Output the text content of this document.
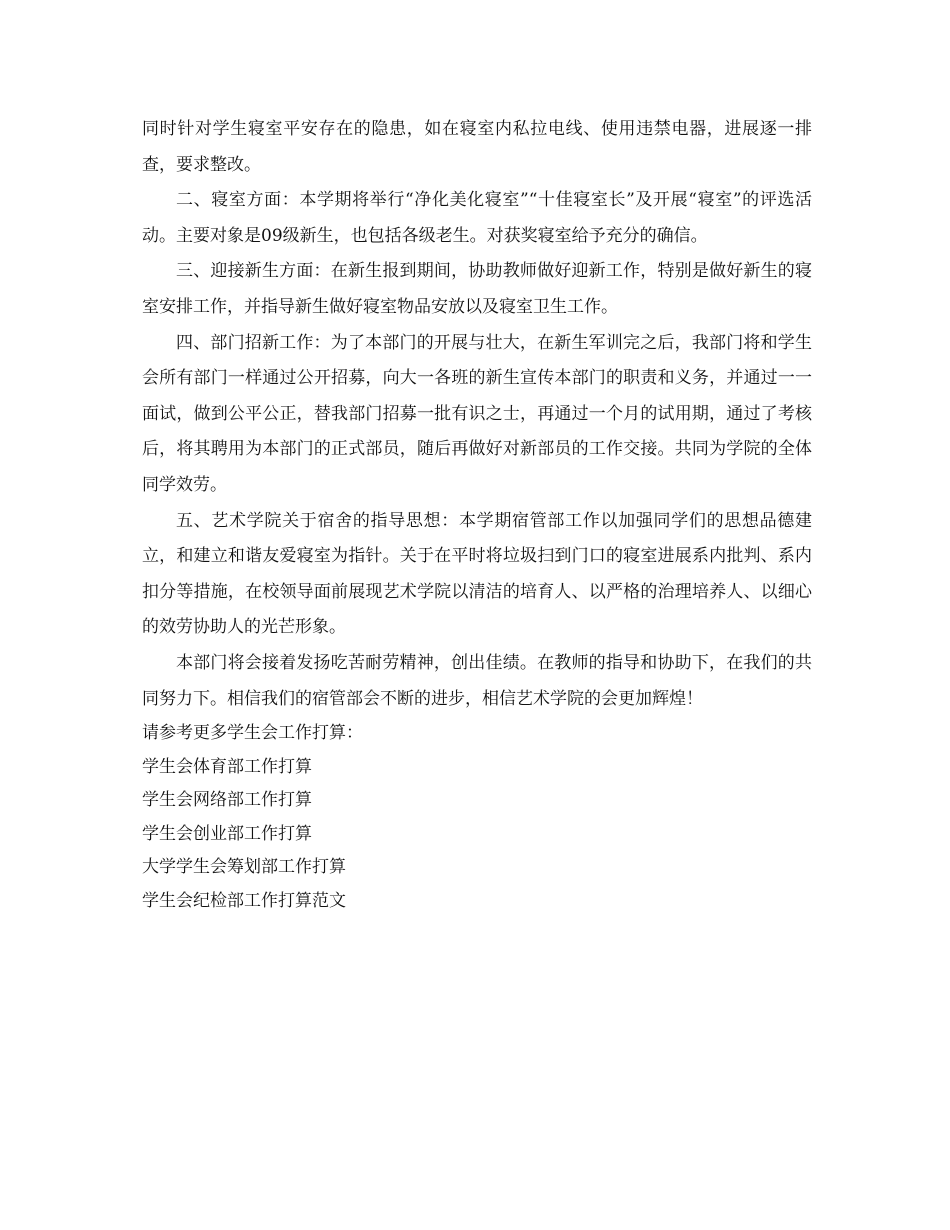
同时针对学生寝室平安存在的隐患，如在寝室内私拉电线、使用违禁电器，进展逐一排查，要求整改。

二、寝室方面：本学期将举行“净化美化寝室”“十佳寝室长”及开展“寝室”的评选活动。主要对象是09级新生，也包括各级老生。对获奖寝室给予充分的确信。

三、迎接新生方面：在新生报到期间，协助教师做好迎新工作，特别是做好新生的寝室安排工作，并指导新生做好寝室物品安放以及寝室卫生工作。

四、部门招新工作：为了本部门的开展与壮大，在新生军训完之后，我部门将和学生会所有部门一样通过公开招募，向大一各班的新生宣传本部门的职责和义务，并通过一一面试，做到公平公正，替我部门招募一批有识之士，再通过一个月的试用期，通过了考核后，将其聘用为本部门的正式部员，随后再做好对新部员的工作交接。共同为学院的全体同学效劳。

五、艺术学院关于宿舍的指导思想：本学期宿管部工作以加强同学们的思想品德建立，和建立和谐友爱寝室为指针。关于在平时将垃圾扫到门口的寝室进展系内批判、系内扣分等措施，在校领导面前展现艺术学院以清洁的培育人、以严格的治理培养人、以细心的效劳协助人的光芒形象。

本部门将会接着发扬吃苦耐劳精神，创出佳绩。在教师的指导和协助下，在我们的共同努力下。相信我们的宿管部会不断的进步，相信艺术学院的会更加辉煌！

请参考更多学生会工作打算：

学生会体育部工作打算
学生会网络部工作打算
学生会创业部工作打算
大学学生会筹划部工作打算
学生会纪检部工作打算范文
